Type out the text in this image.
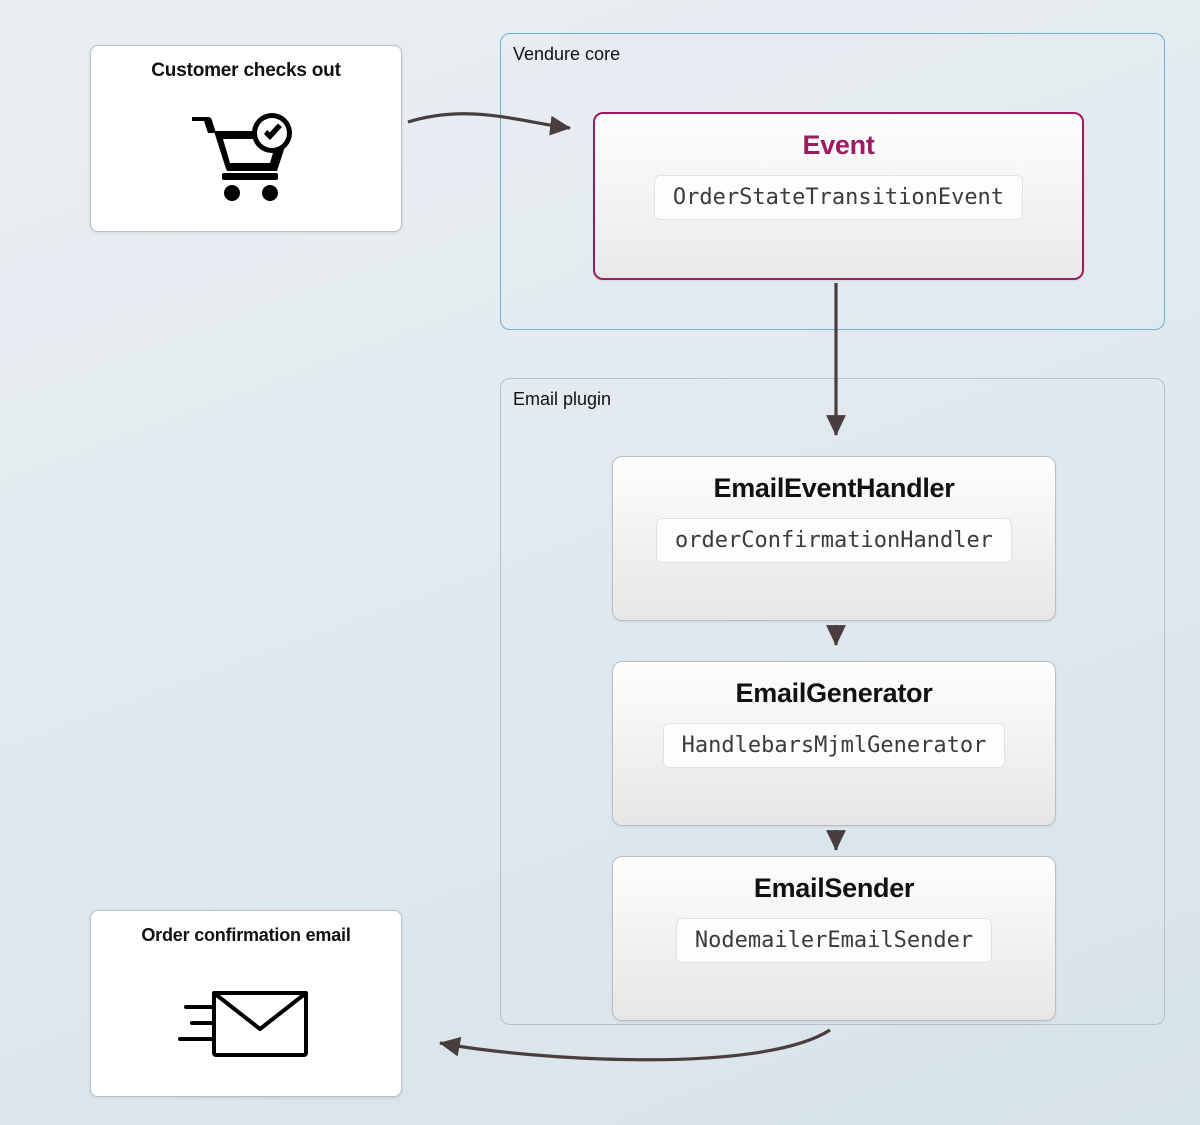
Vendure core
Email plugin
Customer checks out
Order confirmation email
Event
OrderStateTransitionEvent
EmailEventHandler
orderConfirmationHandler
EmailGenerator
HandlebarsMjmlGenerator
EmailSender
NodemailerEmailSender
